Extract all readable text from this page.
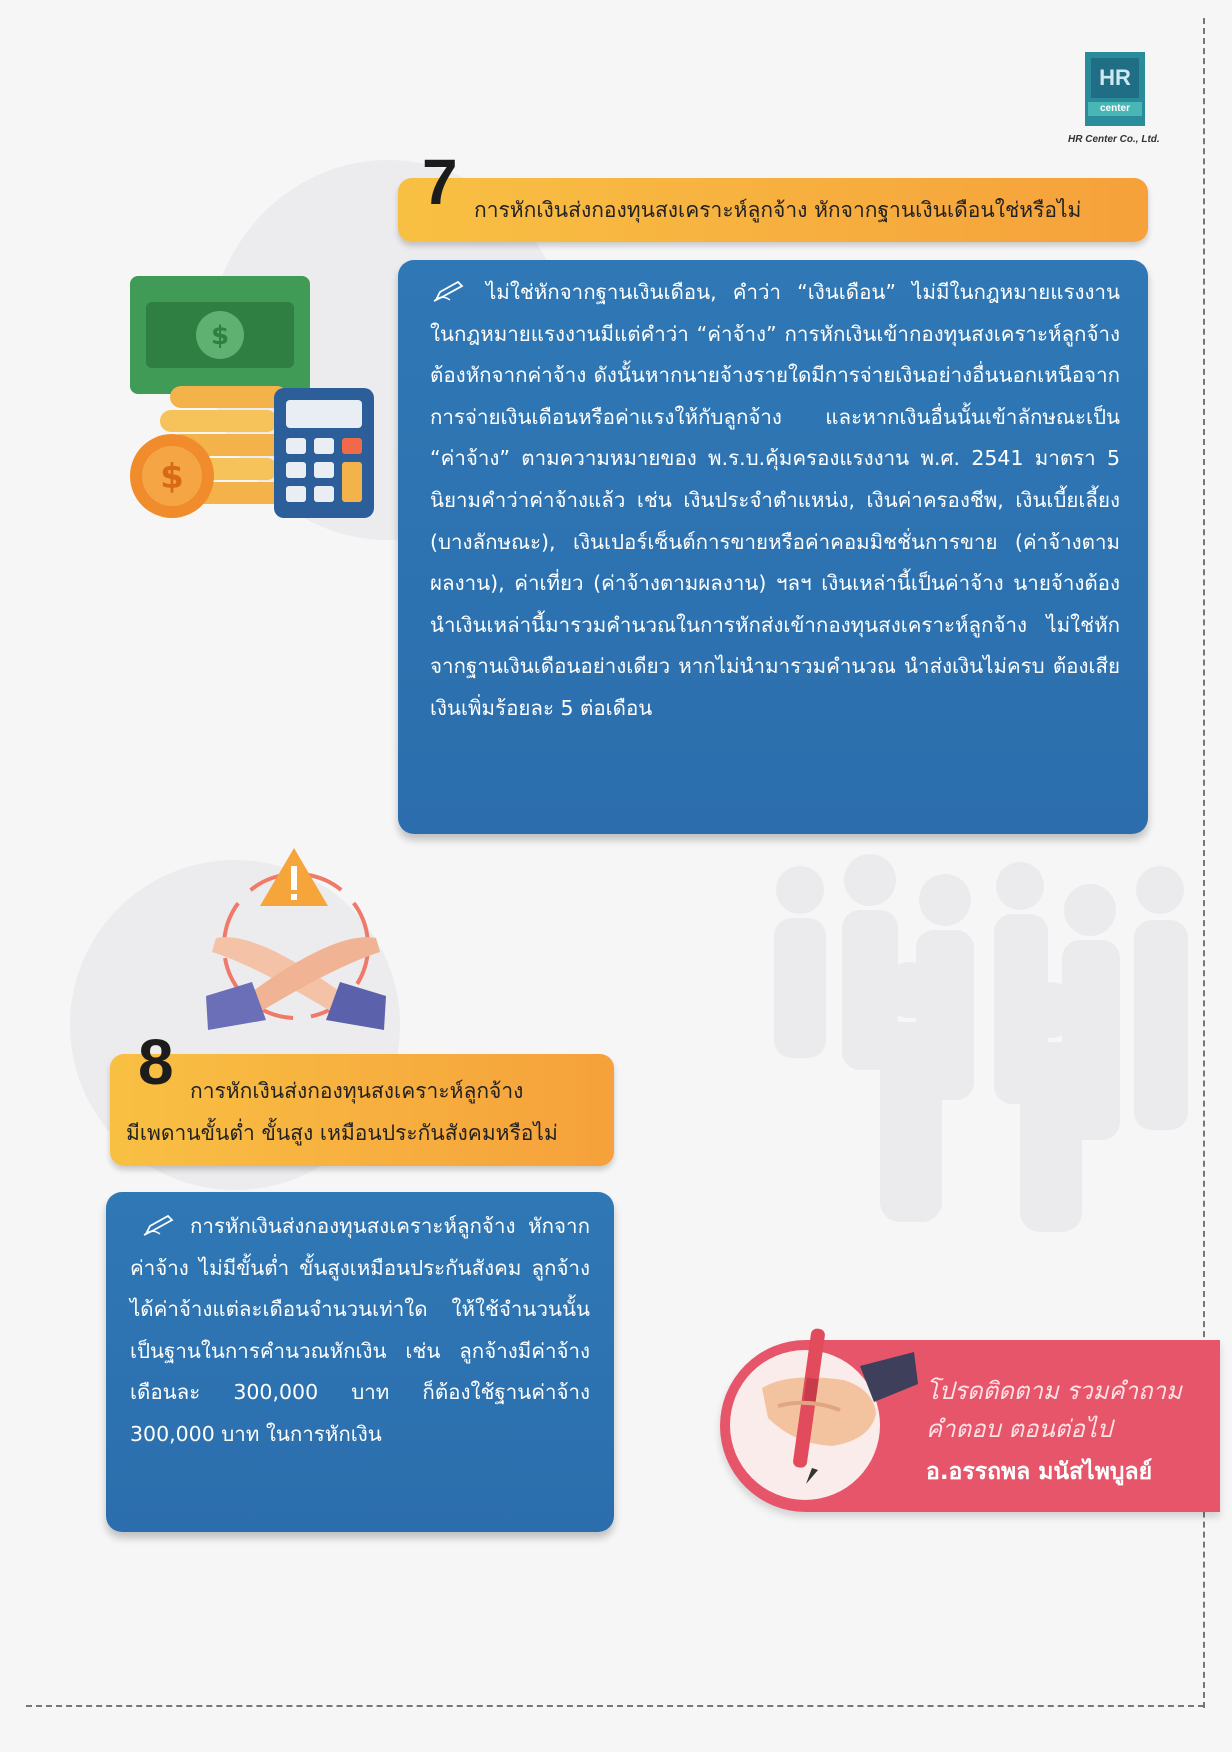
HR
center
HR Center Co., Ltd.
การหักเงินส่งกองทุนสงเคราะห์ลูกจ้าง หักจากฐานเงินเดือนใช่หรือไม่
7
$
$

ไม่ใช่หักจากฐานเงินเดือน, คำว่า “เงินเดือน” ไม่มีในกฎหมายแรงงาน ในกฎหมายแรงงานมีแต่คำว่า “ค่าจ้าง” การหักเงินเข้ากองทุนสงเคราะห์ลูกจ้างต้องหักจากค่าจ้าง ดังนั้นหากนายจ้างรายใดมีการจ่ายเงินอย่างอื่นนอกเหนือจากการจ่ายเงินเดือนหรือค่าแรงให้กับลูกจ้าง และหากเงินอื่นนั้นเข้าลักษณะเป็น “ค่าจ้าง” ตามความหมายของ พ.ร.บ.คุ้มครองแรงงาน พ.ศ. 2541 มาตรา 5 นิยามคำว่าค่าจ้างแล้ว เช่น เงินประจำตำแหน่ง, เงินค่าครองชีพ, เงินเบี้ยเลี้ยง (บางลักษณะ), เงินเปอร์เซ็นต์การขายหรือค่าคอมมิชชั่นการขาย (ค่าจ้างตามผลงาน), ค่าเที่ยว (ค่าจ้างตามผลงาน) ฯลฯ เงินเหล่านี้เป็นค่าจ้าง นายจ้างต้องนำเงินเหล่านี้มารวมคำนวณในการหักส่งเข้ากองทุนสงเคราะห์ลูกจ้าง ไม่ใช่หักจากฐานเงินเดือนอย่างเดียว หากไม่นำมารวมคำนวณ นำส่งเงินไม่ครบ ต้องเสียเงินเพิ่มร้อยละ 5 ต่อเดือน

การหักเงินส่งกองทุนสงเคราะห์ลูกจ้าง
มีเพดานขั้นต่ำ ขั้นสูง เหมือนประกันสังคมหรือไม่
8

การหักเงินส่งกองทุนสงเคราะห์ลูกจ้าง หักจากค่าจ้าง ไม่มีขั้นต่ำ ขั้นสูงเหมือนประกันสังคม ลูกจ้างได้ค่าจ้างแต่ละเดือนจำนวนเท่าใด ให้ใช้จำนวนนั้นเป็นฐานในการคำนวณหักเงิน เช่น ลูกจ้างมีค่าจ้างเดือนละ 300,000 บาท ก็ต้องใช้ฐานค่าจ้าง 300,000 บาท ในการหักเงิน

โปรดติดตาม รวมคำถาม
คำตอบ ตอนต่อไป
อ.อรรถพล มนัสไพบูลย์
